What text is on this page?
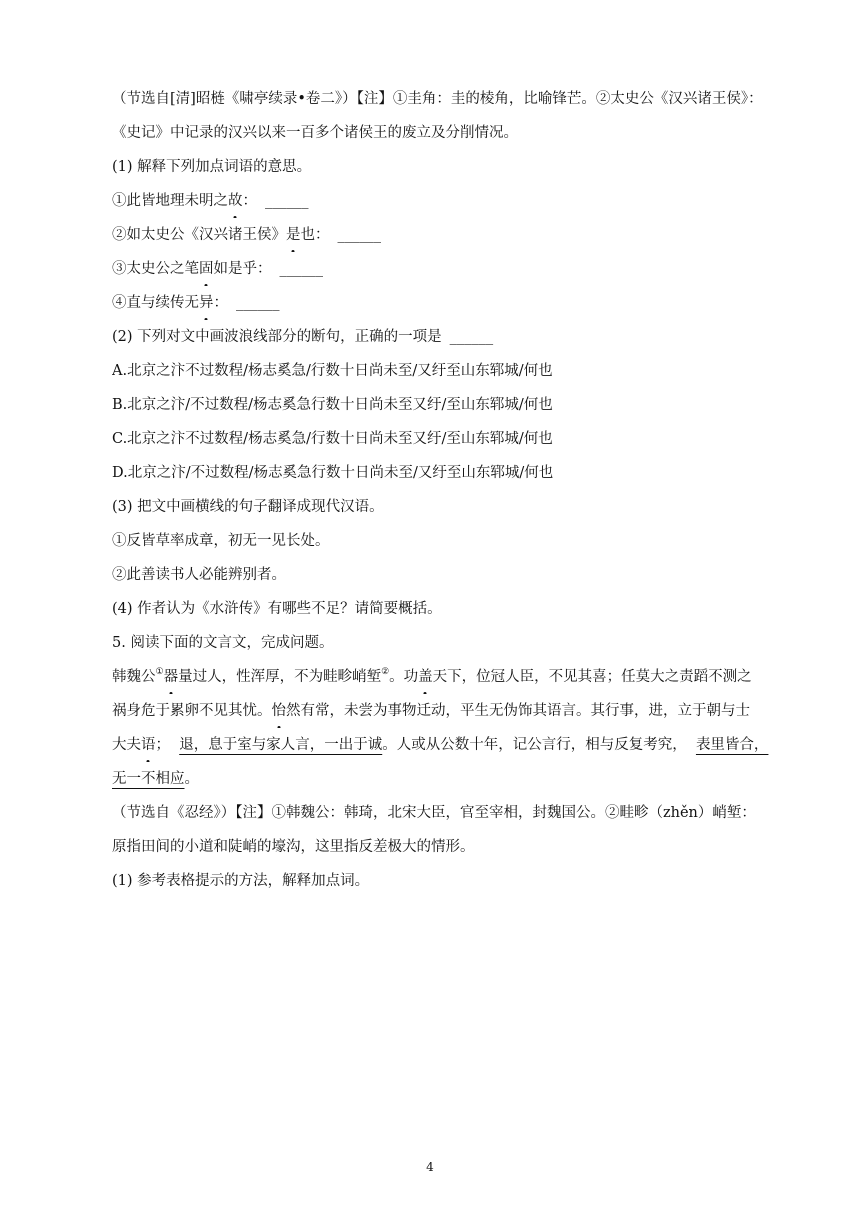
（节选自[清]昭梿《啸亭续录•卷二》）【注】①圭角：圭的棱角，比喻锋芒。②太史公《汉兴诸王侯》：
《史记》中记录的汉兴以来一百多个诸侯王的废立及分削情况。
(1) 解释下列加点词语的意思。
①此皆地理未明之故： ______
②如太史公《汉兴诸王侯》是也： ______
③太史公之笔固如是乎： ______
④直与续传无异： ______
(2) 下列对文中画波浪线部分的断句，正确的一项是 ______
A.北京之汴不过数程/杨志奚急/行数十日尚未至/又纡至山东郓城/何也
B.北京之汴/不过数程/杨志奚急行数十日尚未至又纡/至山东郓城/何也
C.北京之汴不过数程/杨志奚急/行数十日尚未至又纡/至山东郓城/何也
D.北京之汴/不过数程/杨志奚急行数十日尚未至/又纡至山东郓城/何也
(3) 把文中画横线的句子翻译成现代汉语。
①反皆草率成章，初无一见长处。
②此善读书人必能辨别者。
(4) 作者认为《水浒传》有哪些不足？请简要概括。
5. 阅读下面的文言文，完成问题。
韩魏公①器量过人，性浑厚，不为畦畛峭堑②。功盖天下，位冠人臣，不见其喜；任莫大之责蹈不测之
祸身危于累卵不见其忧。怡然有常，未尝为事物迁动，平生无伪饰其语言。其行事，进，立于朝与士
大夫语；  退，息于室与家人言，一出于诚。人或从公数十年，记公言行，相与反复考究，  表里皆合，
无一不相应。
（节选自《忍经》）【注】①韩魏公：韩琦，北宋大臣，官至宰相，封魏国公。②畦畛（zhěn）峭堑：
原指田间的小道和陡峭的壕沟，这里指反差极大的情形。
(1) 参考表格提示的方法，解释加点词。
4
